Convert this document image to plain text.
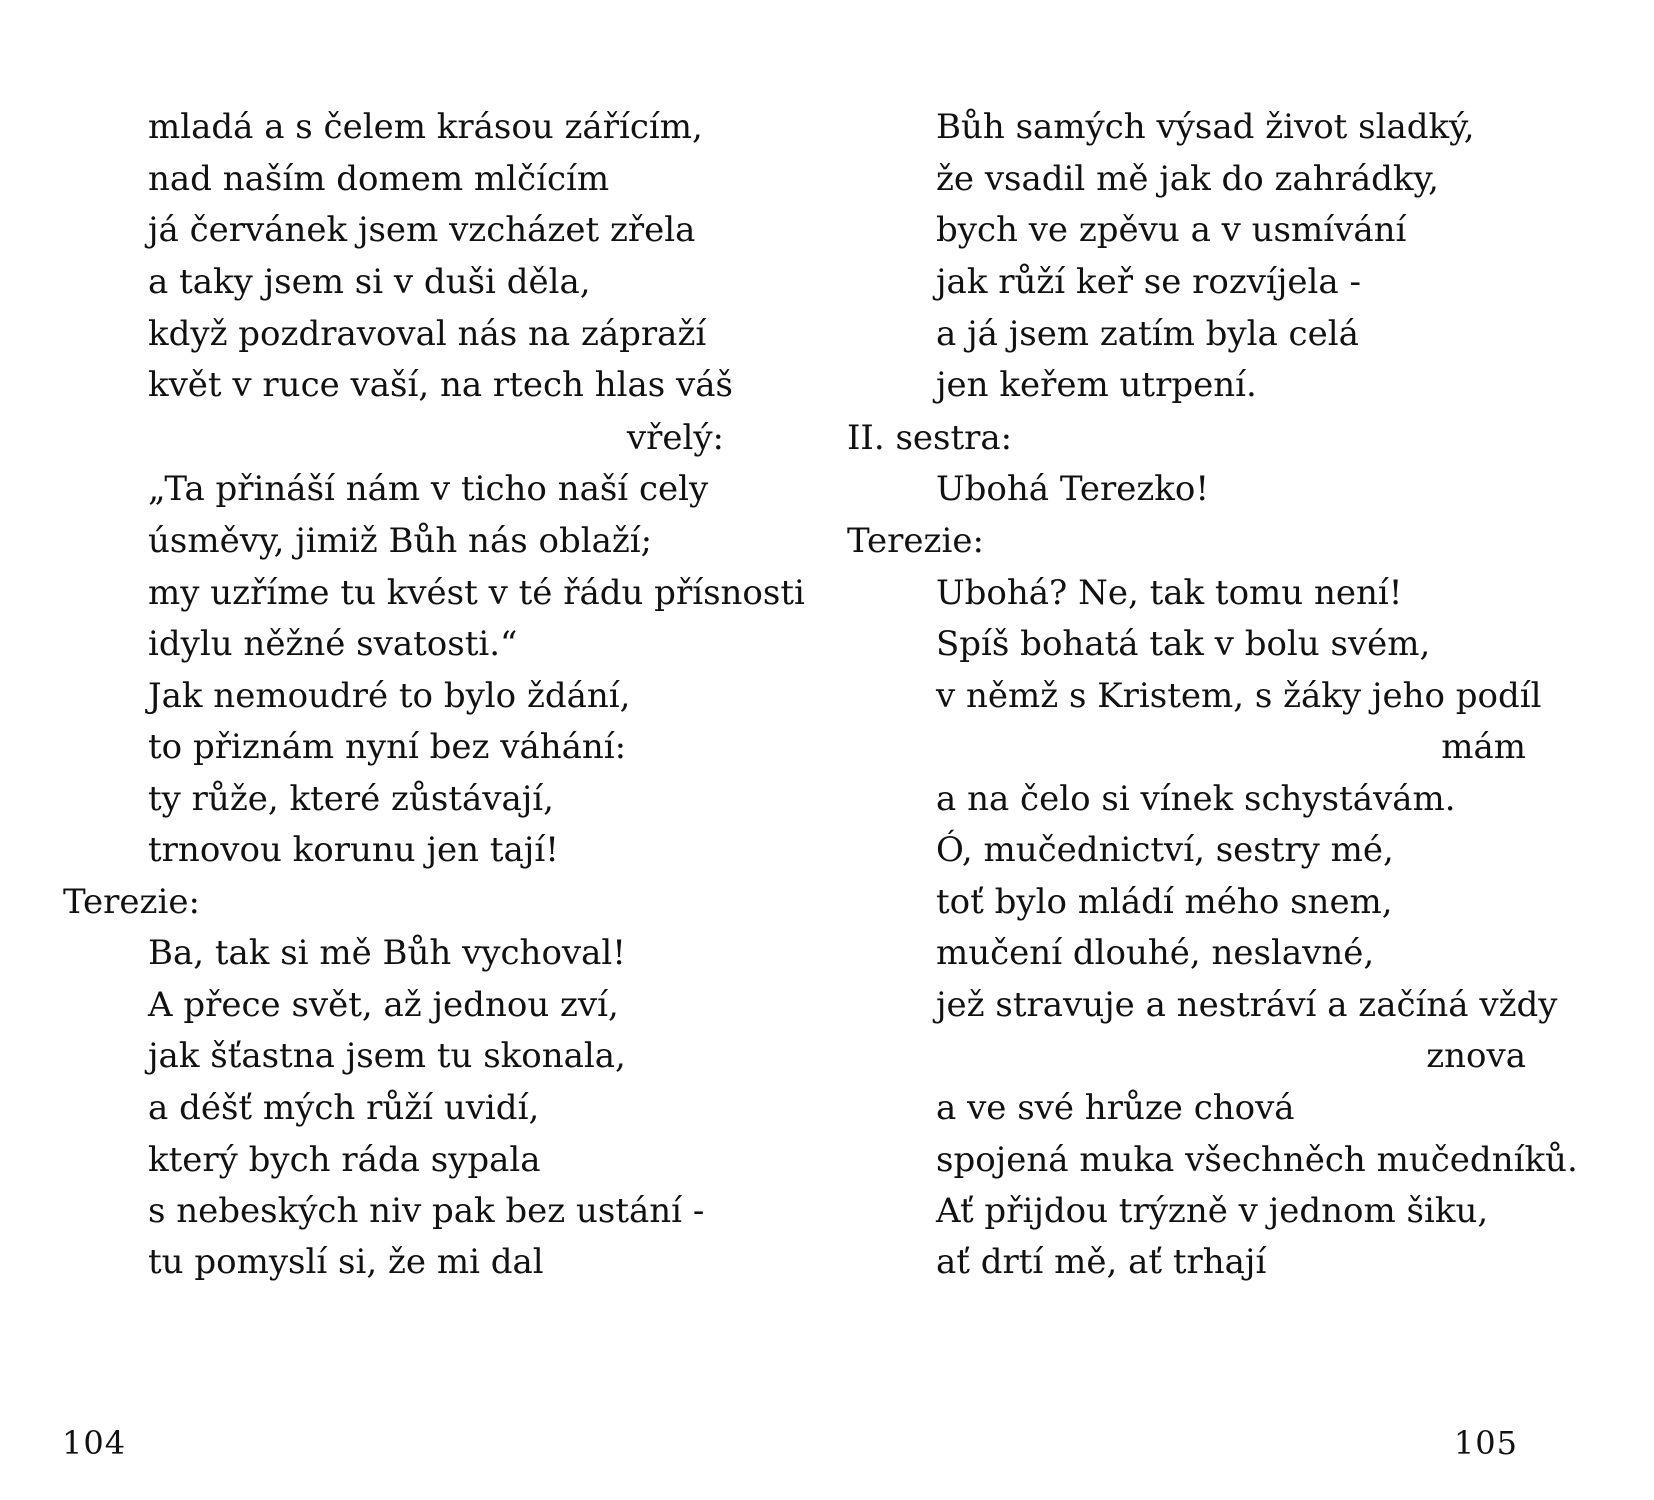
mladá a s čelem krásou zářícím,
nad naším domem mlčícím
já červánek jsem vzcházet zřela
a taky jsem si v duši děla,
když pozdravoval nás na zápraží
květ v ruce vaší, na rtech hlas váš
vřelý:
„Ta přináší nám v ticho naší cely
úsměvy, jimiž Bůh nás oblaží;
my uzříme tu kvést v té řádu přísnosti
idylu něžné svatosti.“
Jak nemoudré to bylo ždání,
to přiznám nyní bez váhání:
ty růže, které zůstávají,
trnovou korunu jen tají!
Terezie:
Ba, tak si mě Bůh vychoval!
A přece svět, až jednou zví,
jak šťastna jsem tu skonala,
a déšť mých růží uvidí,
který bych ráda sypala
s nebeských niv pak bez ustání -
tu pomyslí si, že mi dal
104
Bůh samých výsad život sladký,
že vsadil mě jak do zahrádky,
bych ve zpěvu a v usmívání
jak růží keř se rozvíjela -
a já jsem zatím byla celá
jen keřem utrpení.
II. sestra:
Ubohá Terezko!
Terezie:
Ubohá? Ne, tak tomu není!
Spíš bohatá tak v bolu svém,
v němž s Kristem, s žáky jeho podíl
mám
a na čelo si vínek schystávám.
Ó, mučednictví, sestry mé,
toť bylo mládí mého snem,
mučení dlouhé, neslavné,
jež stravuje a nestráví a začíná vždy
znova
a ve své hrůze chová
spojená muka všechněch mučedníků.
Ať přijdou trýzně v jednom šiku,
ať drtí mě, ať trhají
105
